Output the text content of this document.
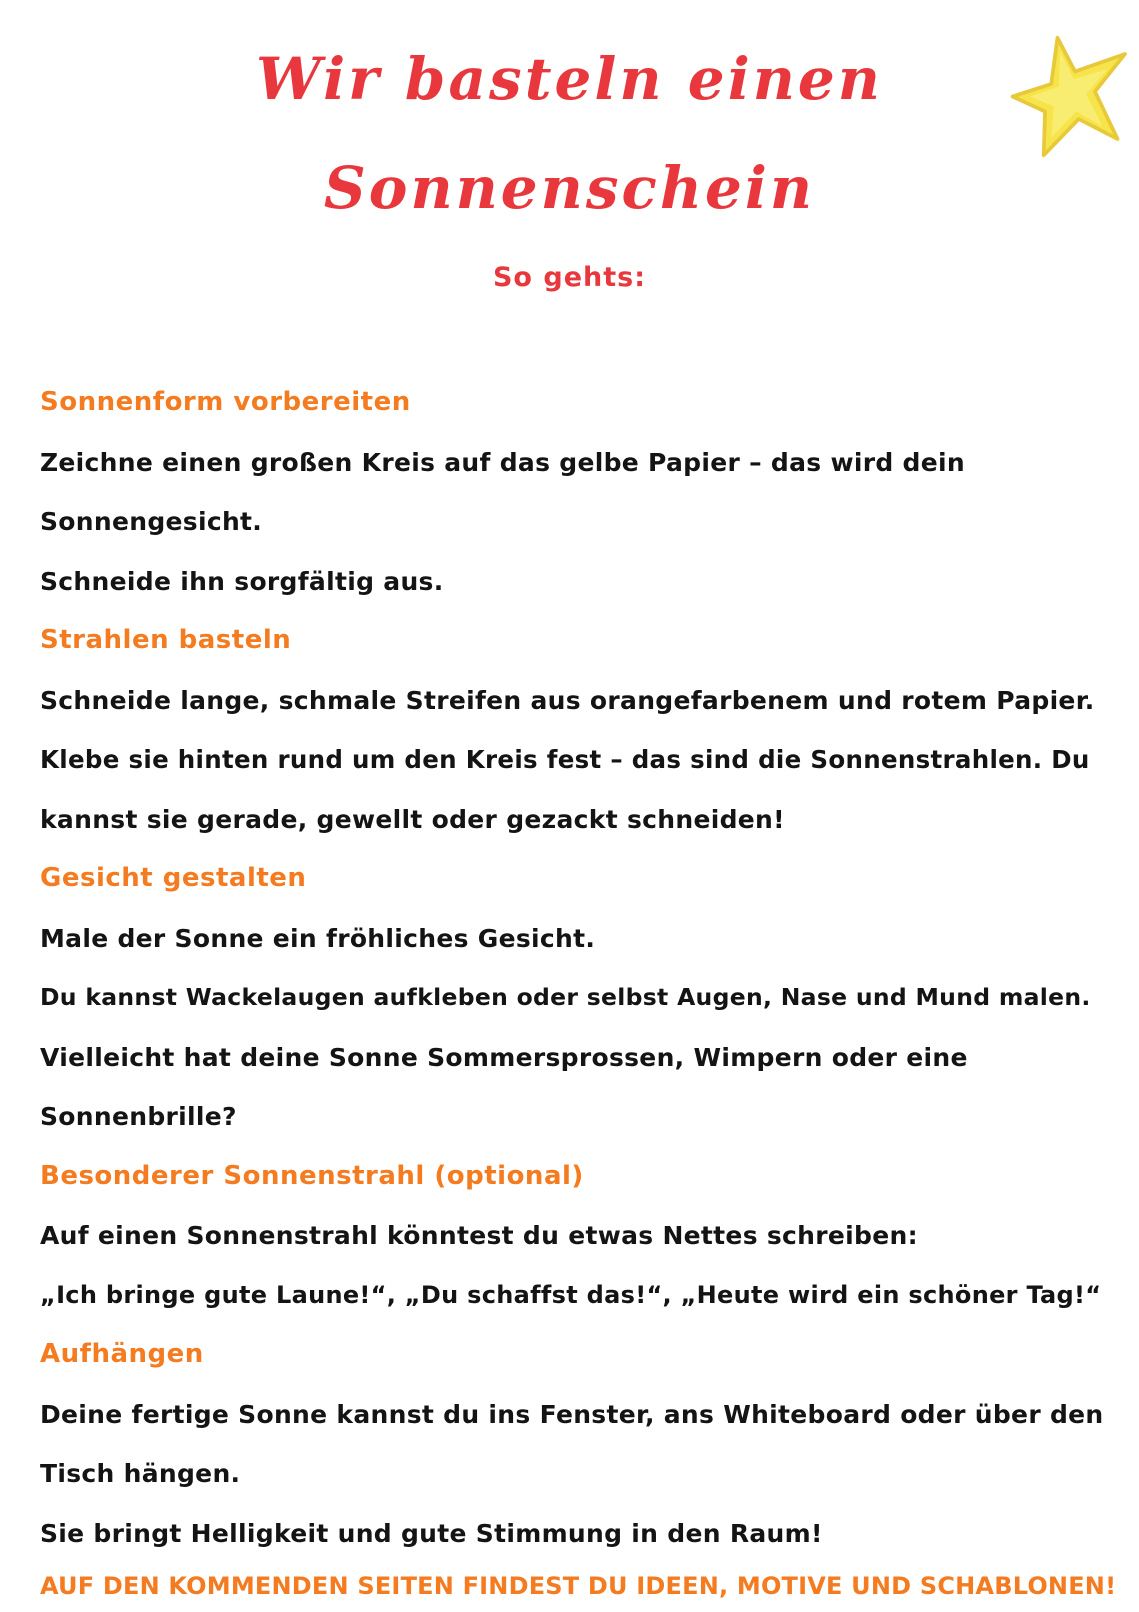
Wir basteln einen
Sonnenschein

So gehts:

Sonnenform vorbereiten
Zeichne einen großen Kreis auf das gelbe Papier – das wird dein
Sonnengesicht.
Schneide ihn sorgfältig aus.
Strahlen basteln
Schneide lange, schmale Streifen aus orangefarbenem und rotem Papier.
Klebe sie hinten rund um den Kreis fest – das sind die Sonnenstrahlen. Du
kannst sie gerade, gewellt oder gezackt schneiden!
Gesicht gestalten
Male der Sonne ein fröhliches Gesicht.
Du kannst Wackelaugen aufkleben oder selbst Augen, Nase und Mund malen.
Vielleicht hat deine Sonne Sommersprossen, Wimpern oder eine
Sonnenbrille?
Besonderer Sonnenstrahl (optional)
Auf einen Sonnenstrahl könntest du etwas Nettes schreiben:
„Ich bringe gute Laune!“, „Du schaffst das!“, „Heute wird ein schöner Tag!“
Aufhängen
Deine fertige Sonne kannst du ins Fenster, ans Whiteboard oder über den
Tisch hängen.
Sie bringt Helligkeit und gute Stimmung in den Raum!
AUF DEN KOMMENDEN SEITEN FINDEST DU IDEEN, MOTIVE UND SCHABLONEN!
